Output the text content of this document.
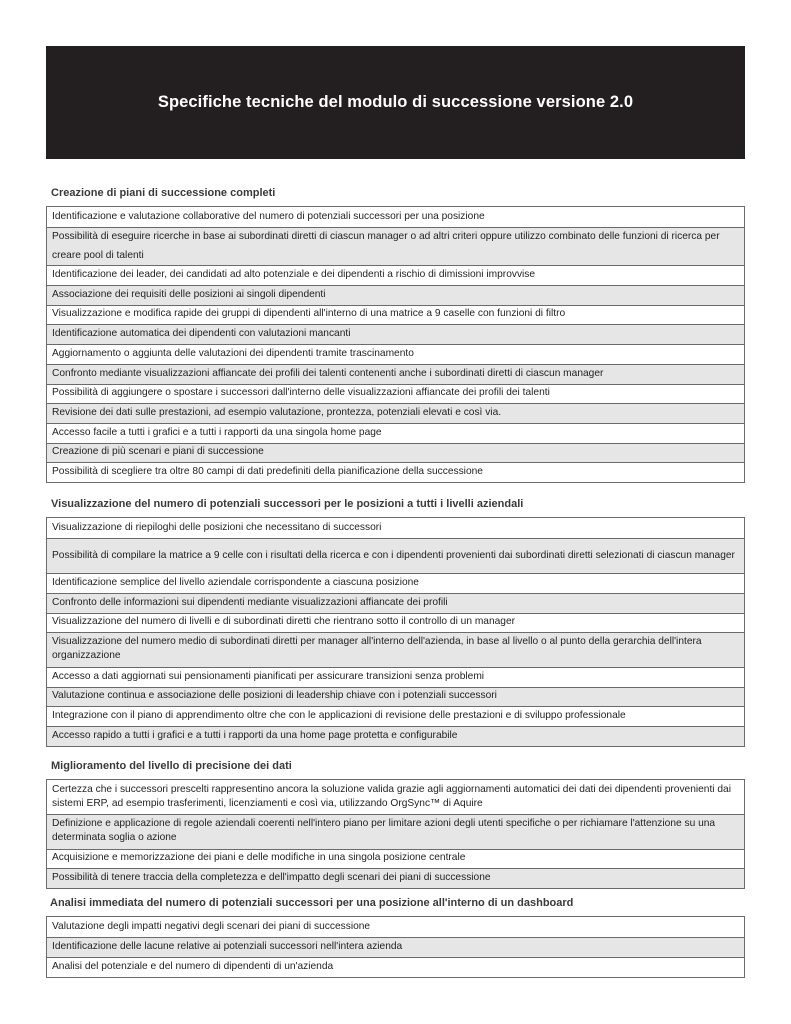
Specifiche tecniche del modulo di successione versione 2.0
Creazione di piani di successione completi
Identificazione e valutazione collaborative del numero di potenziali successori per una posizione
Possibilità di eseguire ricerche in base ai subordinati diretti di ciascun manager o ad altri criteri oppure utilizzo combinato delle funzioni di ricerca per creare pool di talenti
Identificazione dei leader, dei candidati ad alto potenziale e dei dipendenti a rischio di dimissioni improvvise
Associazione dei requisiti delle posizioni ai singoli dipendenti
Visualizzazione e modifica rapide dei gruppi di dipendenti all'interno di una matrice a 9 caselle con funzioni di filtro
Identificazione automatica dei dipendenti con valutazioni mancanti
Aggiornamento o aggiunta delle valutazioni dei dipendenti tramite trascinamento
Confronto mediante visualizzazioni affiancate dei profili dei talenti contenenti anche i subordinati diretti di ciascun manager
Possibilità di aggiungere o spostare i successori dall'interno delle visualizzazioni affiancate dei profili dei talenti
Revisione dei dati sulle prestazioni, ad esempio valutazione, prontezza, potenziali elevati e così via.
Accesso facile a tutti i grafici e a tutti i rapporti da una singola home page
Creazione di più scenari e piani di successione
Possibilità di scegliere tra oltre 80 campi di dati predefiniti della pianificazione della successione
Visualizzazione del numero di potenziali successori per le posizioni a tutti i livelli aziendali
Visualizzazione di riepiloghi delle posizioni che necessitano di successori
Possibilità di compilare la matrice a 9 celle con i risultati della ricerca e con i dipendenti provenienti dai subordinati diretti selezionati di ciascun manager
Identificazione semplice del livello aziendale corrispondente a ciascuna posizione
Confronto delle informazioni sui dipendenti mediante visualizzazioni affiancate dei profili
Visualizzazione del numero di livelli e di subordinati diretti che rientrano sotto il controllo di un manager
Visualizzazione del numero medio di subordinati diretti per manager all'interno dell'azienda, in base al livello o al punto della gerarchia dell'intera organizzazione
Accesso a dati aggiornati sui pensionamenti pianificati per assicurare transizioni senza problemi
Valutazione continua e associazione delle posizioni di leadership chiave con i potenziali successori
Integrazione con il piano di apprendimento oltre che con le applicazioni di revisione delle prestazioni e di sviluppo professionale
Accesso rapido a tutti i grafici e a tutti i rapporti da una home page protetta e configurabile
Miglioramento del livello di precisione dei dati
Certezza che i successori prescelti rappresentino ancora la soluzione valida grazie agli aggiornamenti automatici dei dati dei dipendenti provenienti dai sistemi ERP, ad esempio trasferimenti, licenziamenti e così via, utilizzando OrgSync™ di Aquire
Definizione e applicazione di regole aziendali coerenti nell'intero piano per limitare azioni degli utenti specifiche o per richiamare l'attenzione su una determinata soglia o azione
Acquisizione e memorizzazione dei piani e delle modifiche in una singola posizione centrale
Possibilità di tenere traccia della completezza e dell'impatto degli scenari dei piani di successione
Analisi immediata del numero di potenziali successori per una posizione all'interno di un dashboard
Valutazione degli impatti negativi degli scenari dei piani di successione
Identificazione delle lacune relative ai potenziali successori nell'intera azienda
Analisi del potenziale e del numero di dipendenti di un'azienda
